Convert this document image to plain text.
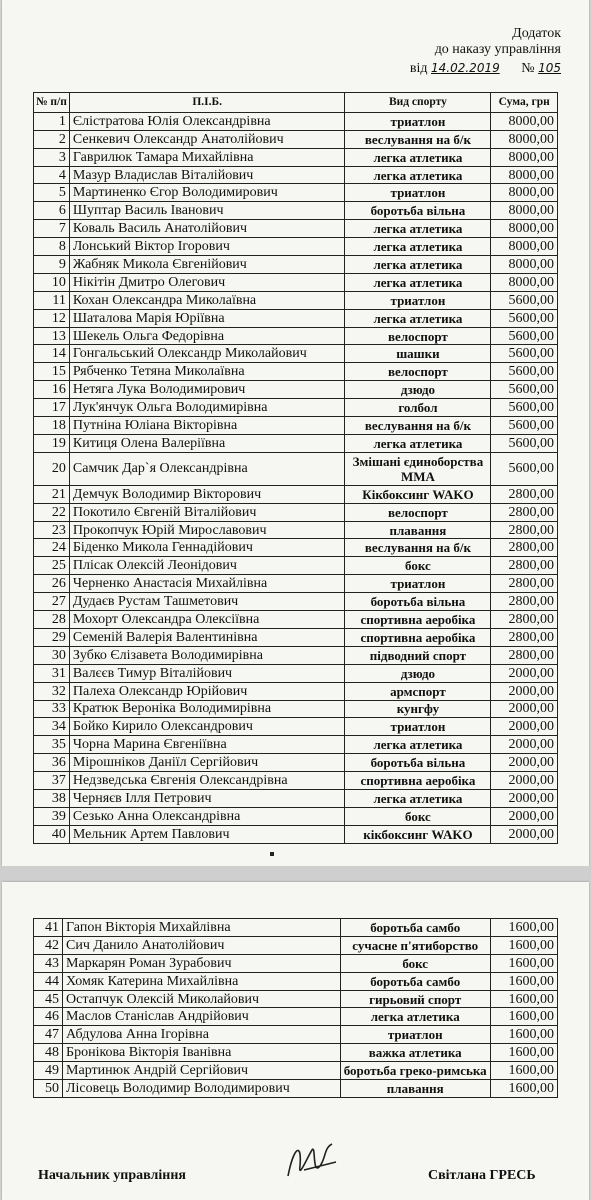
Додаток
до наказу управління
від 14.02.2019 № 105
№ п/п	П.І.Б.	Вид спорту	Сума, грн
1	Єлістратова Юлія Олександрівна	триатлон	8000,00
2	Сенкевич Олександр Анатолійович	веслування на б/к	8000,00
3	Гаврилюк Тамара Михайлівна	легка атлетика	8000,00
4	Мазур Владислав Віталійович	легка атлетика	8000,00
5	Мартиненко Єгор Володимирович	триатлон	8000,00
6	Шуптар Василь Іванович	боротьба вільна	8000,00
7	Коваль Василь Анатолійович	легка атлетика	8000,00
8	Лонський Віктор Ігорович	легка атлетика	8000,00
9	Жабняк Микола Євгенійович	легка атлетика	8000,00
10	Нікітін Дмитро Олегович	легка атлетика	8000,00
11	Кохан Олександра Миколаївна	триатлон	5600,00
12	Шаталова Марія Юріївна	легка атлетика	5600,00
13	Шекель Ольга Федорівна	велоспорт	5600,00
14	Гонгальський Олександр Миколайович	шашки	5600,00
15	Рябченко Тетяна Миколаївна	велоспорт	5600,00
16	Нетяга Лука Володимирович	дзюдо	5600,00
17	Лук'янчук Ольга Володимирівна	голбол	5600,00
18	Путніна Юліана Вікторівна	веслування на б/к	5600,00
19	Китиця Олена Валеріївна	легка атлетика	5600,00
20	Самчик Дар`я Олександрівна	Змішані єдиноборства ММА	5600,00
21	Демчук Володимир Вікторович	Кікбоксинг WAKO	2800,00
22	Покотило Євгеній Віталійович	велоспорт	2800,00
23	Прокопчук Юрій Мирославович	плавання	2800,00
24	Біденко Микола Геннадійович	веслування на б/к	2800,00
25	Плісак Олексій Леонідович	бокс	2800,00
26	Черненко Анастасія Михайлівна	триатлон	2800,00
27	Дудаєв Рустам Ташметович	боротьба вільна	2800,00
28	Мохорт Олександра Олексіївна	спортивна аеробіка	2800,00
29	Семеній Валерія Валентинівна	спортивна аеробіка	2800,00
30	Зубко Єлізавета Володимирівна	підводний спорт	2800,00
31	Валєєв Тимур Віталійович	дзюдо	2000,00
32	Палеха Олександр Юрійович	армспорт	2000,00
33	Кратюк Вероніка Володимирівна	кунгфу	2000,00
34	Бойко Кирило Олександрович	триатлон	2000,00
35	Чорна Марина Євгеніївна	легка атлетика	2000,00
36	Мірошніков Даніїл Сергійович	боротьба вільна	2000,00
37	Недзведська Євгенія Олександрівна	спортивна аеробіка	2000,00
38	Черняєв Ілля Петрович	легка атлетика	2000,00
39	Сезько Анна Олександрівна	бокс	2000,00
40	Мельник Артем Павлович	кікбоксинг WAKO	2000,00
41	Гапон Вікторія Михайлівна	боротьба самбо	1600,00
42	Сич Данило Анатолійович	сучасне п'ятиборство	1600,00
43	Маркарян Роман Зурабович	бокс	1600,00
44	Хомяк Катерина Михайлівна	боротьба самбо	1600,00
45	Остапчук Олексій Миколайович	гирьовий спорт	1600,00
46	Маслов Станіслав Андрійович	легка атлетика	1600,00
47	Абдулова Анна Ігорівна	триатлон	1600,00
48	Бронікова Вікторія Іванівна	важка атлетика	1600,00
49	Мартинюк Андрій Сергійович	боротьба греко-римська	1600,00
50	Лісовець Володимир Володимирович	плавання	1600,00
Начальник управління	Світлана ГРЕСЬ
